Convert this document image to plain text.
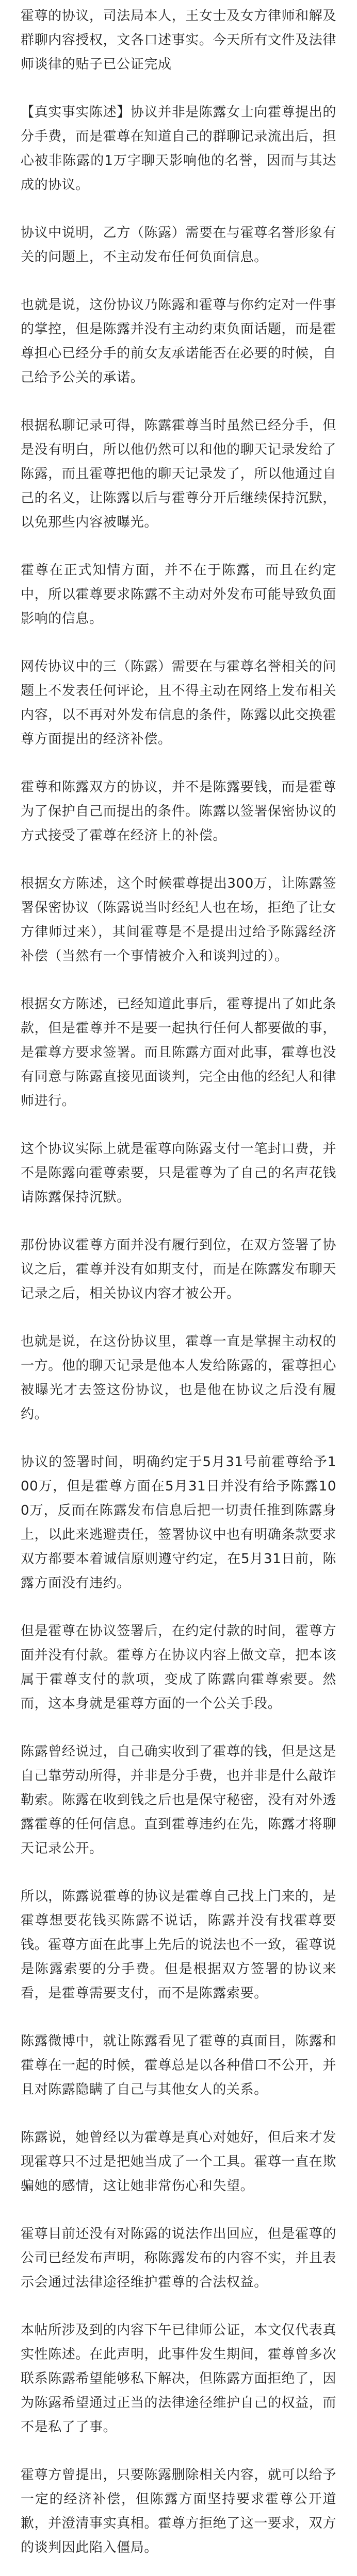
霍尊的协议，司法局本人，王女士及女方律师和解及群聊内容授权，文各口述事实。今天所有文件及法律师谈律的贴子已公证完成

【真实事实陈述】协议并非是陈露女士向霍尊提出的分手费，而是霍尊在知道自己的群聊记录流出后，担心被非陈露的1万字聊天影响他的名誉，因而与其达成的协议。

协议中说明，乙方（陈露）需要在与霍尊名誉形象有关的问题上，不主动发布任何负面信息。

也就是说，这份协议乃陈露和霍尊与你约定对一件事的掌控，但是陈露并没有主动约束负面话题，而是霍尊担心已经分手的前女友承诺能否在必要的时候，自己给予公关的承诺。

根据私聊记录可得，陈露霍尊当时虽然已经分手，但是没有明白，所以他仍然可以和他的聊天记录发给了陈露，而且霍尊把他的聊天记录发了，所以他通过自己的名义，让陈露以后与霍尊分开后继续保持沉默，以免那些内容被曝光。

霍尊在正式知情方面，并不在于陈露，而且在约定中，所以霍尊要求陈露不主动对外发布可能导致负面影响的信息。

网传协议中的三（陈露）需要在与霍尊名誉相关的问题上不发表任何评论，且不得主动在网络上发布相关内容，以不再对外发布信息的条件，陈露以此交换霍尊方面提出的经济补偿。

霍尊和陈露双方的协议，并不是陈露要钱，而是霍尊为了保护自己而提出的条件。陈露以签署保密协议的方式接受了霍尊在经济上的补偿。

根据女方陈述，这个时候霍尊提出300万，让陈露签署保密协议（陈露说当时经纪人也在场，拒绝了让女方律师过来），其间霍尊是不是提出过给予陈露经济补偿（当然有一个事情被介入和谈判过的）。

根据女方陈述，已经知道此事后，霍尊提出了如此条款，但是霍尊并不是要一起执行任何人都要做的事，是霍尊方要求签署。而且陈露方面对此事，霍尊也没有同意与陈露直接见面谈判，完全由他的经纪人和律师进行。

这个协议实际上就是霍尊向陈露支付一笔封口费，并不是陈露向霍尊索要，只是霍尊为了自己的名声花钱请陈露保持沉默。

那份协议霍尊方面并没有履行到位，在双方签署了协议之后，霍尊并没有如期支付，而是在陈露发布聊天记录之后，相关协议内容才被公开。

也就是说，在这份协议里，霍尊一直是掌握主动权的一方。他的聊天记录是他本人发给陈露的，霍尊担心被曝光才去签这份协议，也是他在协议之后没有履约。

协议的签署时间，明确约定于5月31号前霍尊给予100万，但是霍尊方面在5月31日并没有给予陈露100万，反而在陈露发布信息后把一切责任推到陈露身上，以此来逃避责任，签署协议中也有明确条款要求双方都要本着诚信原则遵守约定，在5月31日前，陈露方面没有违约。

但是霍尊在协议签署后，在约定付款的时间，霍尊方面并没有付款。霍尊方在协议内容上做文章，把本该属于霍尊支付的款项，变成了陈露向霍尊索要。然而，这本身就是霍尊方面的一个公关手段。

陈露曾经说过，自己确实收到了霍尊的钱，但是这是自己靠劳动所得，并非是分手费，也并非是什么敲诈勒索。陈露在收到钱之后也是保守秘密，没有对外透露霍尊的任何信息。直到霍尊违约在先，陈露才将聊天记录公开。

所以，陈露说霍尊的协议是霍尊自己找上门来的，是霍尊想要花钱买陈露不说话，陈露并没有找霍尊要钱。霍尊方面在此事上先后的说法也不一致，霍尊说是陈露索要的分手费。但是根据双方签署的协议来看，是霍尊需要支付，而不是陈露索要。

陈露微博中，就让陈露看见了霍尊的真面目，陈露和霍尊在一起的时候，霍尊总是以各种借口不公开，并且对陈露隐瞒了自己与其他女人的关系。

陈露说，她曾经以为霍尊是真心对她好，但后来才发现霍尊只不过是把她当成了一个工具。霍尊一直在欺骗她的感情，这让她非常伤心和失望。

霍尊目前还没有对陈露的说法作出回应，但是霍尊的公司已经发布声明，称陈露发布的内容不实，并且表示会通过法律途径维护霍尊的合法权益。

本帖所涉及到的内容下午已律师公证，本文仅代表真实性陈述。在此声明，此事件发生期间，霍尊曾多次联系陈露希望能够私下解决，但陈露方面拒绝了，因为陈露希望通过正当的法律途径维护自己的权益，而不是私了了事。

霍尊方曾提出，只要陈露删除相关内容，就可以给予一定的经济补偿，但陈露方面坚持要求霍尊公开道歉，并澄清事实真相。霍尊方拒绝了这一要求，双方的谈判因此陷入僵局。
